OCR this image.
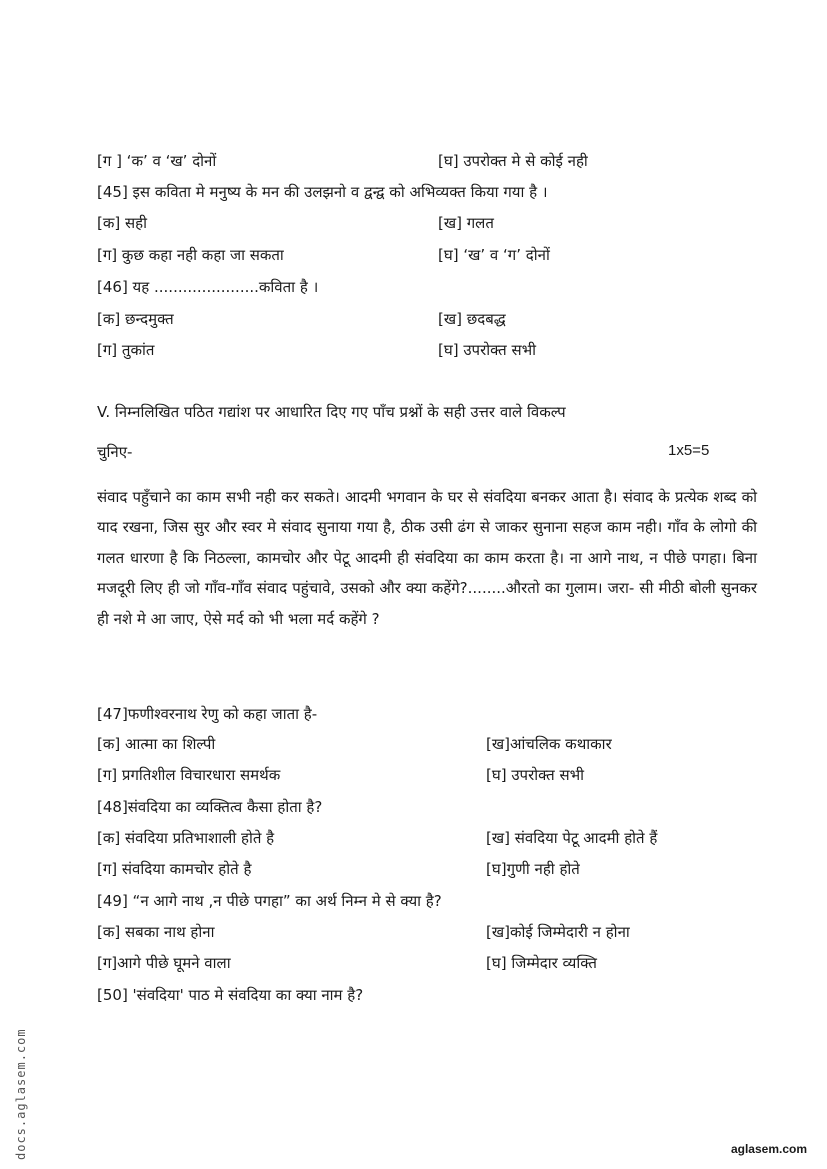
[ग ] ‘क’ व ‘ख’ दोनों	[घ] उपरोक्त मे से कोई नही
[45] इस कविता मे मनुष्य के मन की उलझनो व द्वन्द्व को अभिव्यक्त किया गया है ।
[क] सही	[ख] गलत
[ग] कुछ कहा नही कहा जा सकता	[घ] ‘ख’ व ‘ग’ दोनों
[46] यह ......................कविता है ।
[क] छन्दमुक्त	[ख] छदबद्ध
[ग] तुकांत	[घ] उपरोक्त सभी
V. निम्नलिखित पठित गद्यांश पर आधारित दिए गए पाँच प्रश्नों के सही उत्तर वाले विकल्प
चुनिए-	1x5=5
संवाद पहुँचाने का काम सभी नही कर सकते। आदमी भगवान के घर से संवदिया बनकर आता है। संवाद के प्रत्येक शब्द को याद रखना, जिस सुर और स्वर मे संवाद सुनाया गया है, ठीक उसी ढंग से जाकर सुनाना सहज काम नही। गाँव के लोगो की गलत धारणा है कि निठल्ला, कामचोर और पेटू आदमी ही संवदिया का काम करता है। ना आगे नाथ, न पीछे पगहा। बिना मजदूरी लिए ही जो गाँव-गाँव संवाद पहुंचावे, उसको और क्या कहेंगे?........औरतो का गुलाम। जरा- सी मीठी बोली सुनकर ही नशे मे आ जाए, ऐसे मर्द को भी भला मर्द कहेंगे ?
[47]फणीश्वरनाथ रेणु को कहा जाता है-
[क] आत्मा का शिल्पी	[ख]आंचलिक कथाकार
[ग] प्रगतिशील विचारधारा समर्थक	[घ] उपरोक्त सभी
[48]संवदिया का व्यक्तित्व कैसा होता है?
[क] संवदिया प्रतिभाशाली होते है	[ख] संवदिया पेटू आदमी होते हैं
[ग] संवदिया कामचोर होते है	[घ]गुणी नही होते
[49] “न आगे नाथ ,न पीछे पगहा” का अर्थ निम्न मे से क्या है?
[क] सबका नाथ होना	[ख]कोई जिम्मेदारी न होना
[ग]आगे पीछे घूमने वाला	[घ] जिम्मेदार व्यक्ति
[50] 'संवदिया' पाठ मे संवदिया का क्या नाम है?
docs.aglasem.com	aglasem.com
